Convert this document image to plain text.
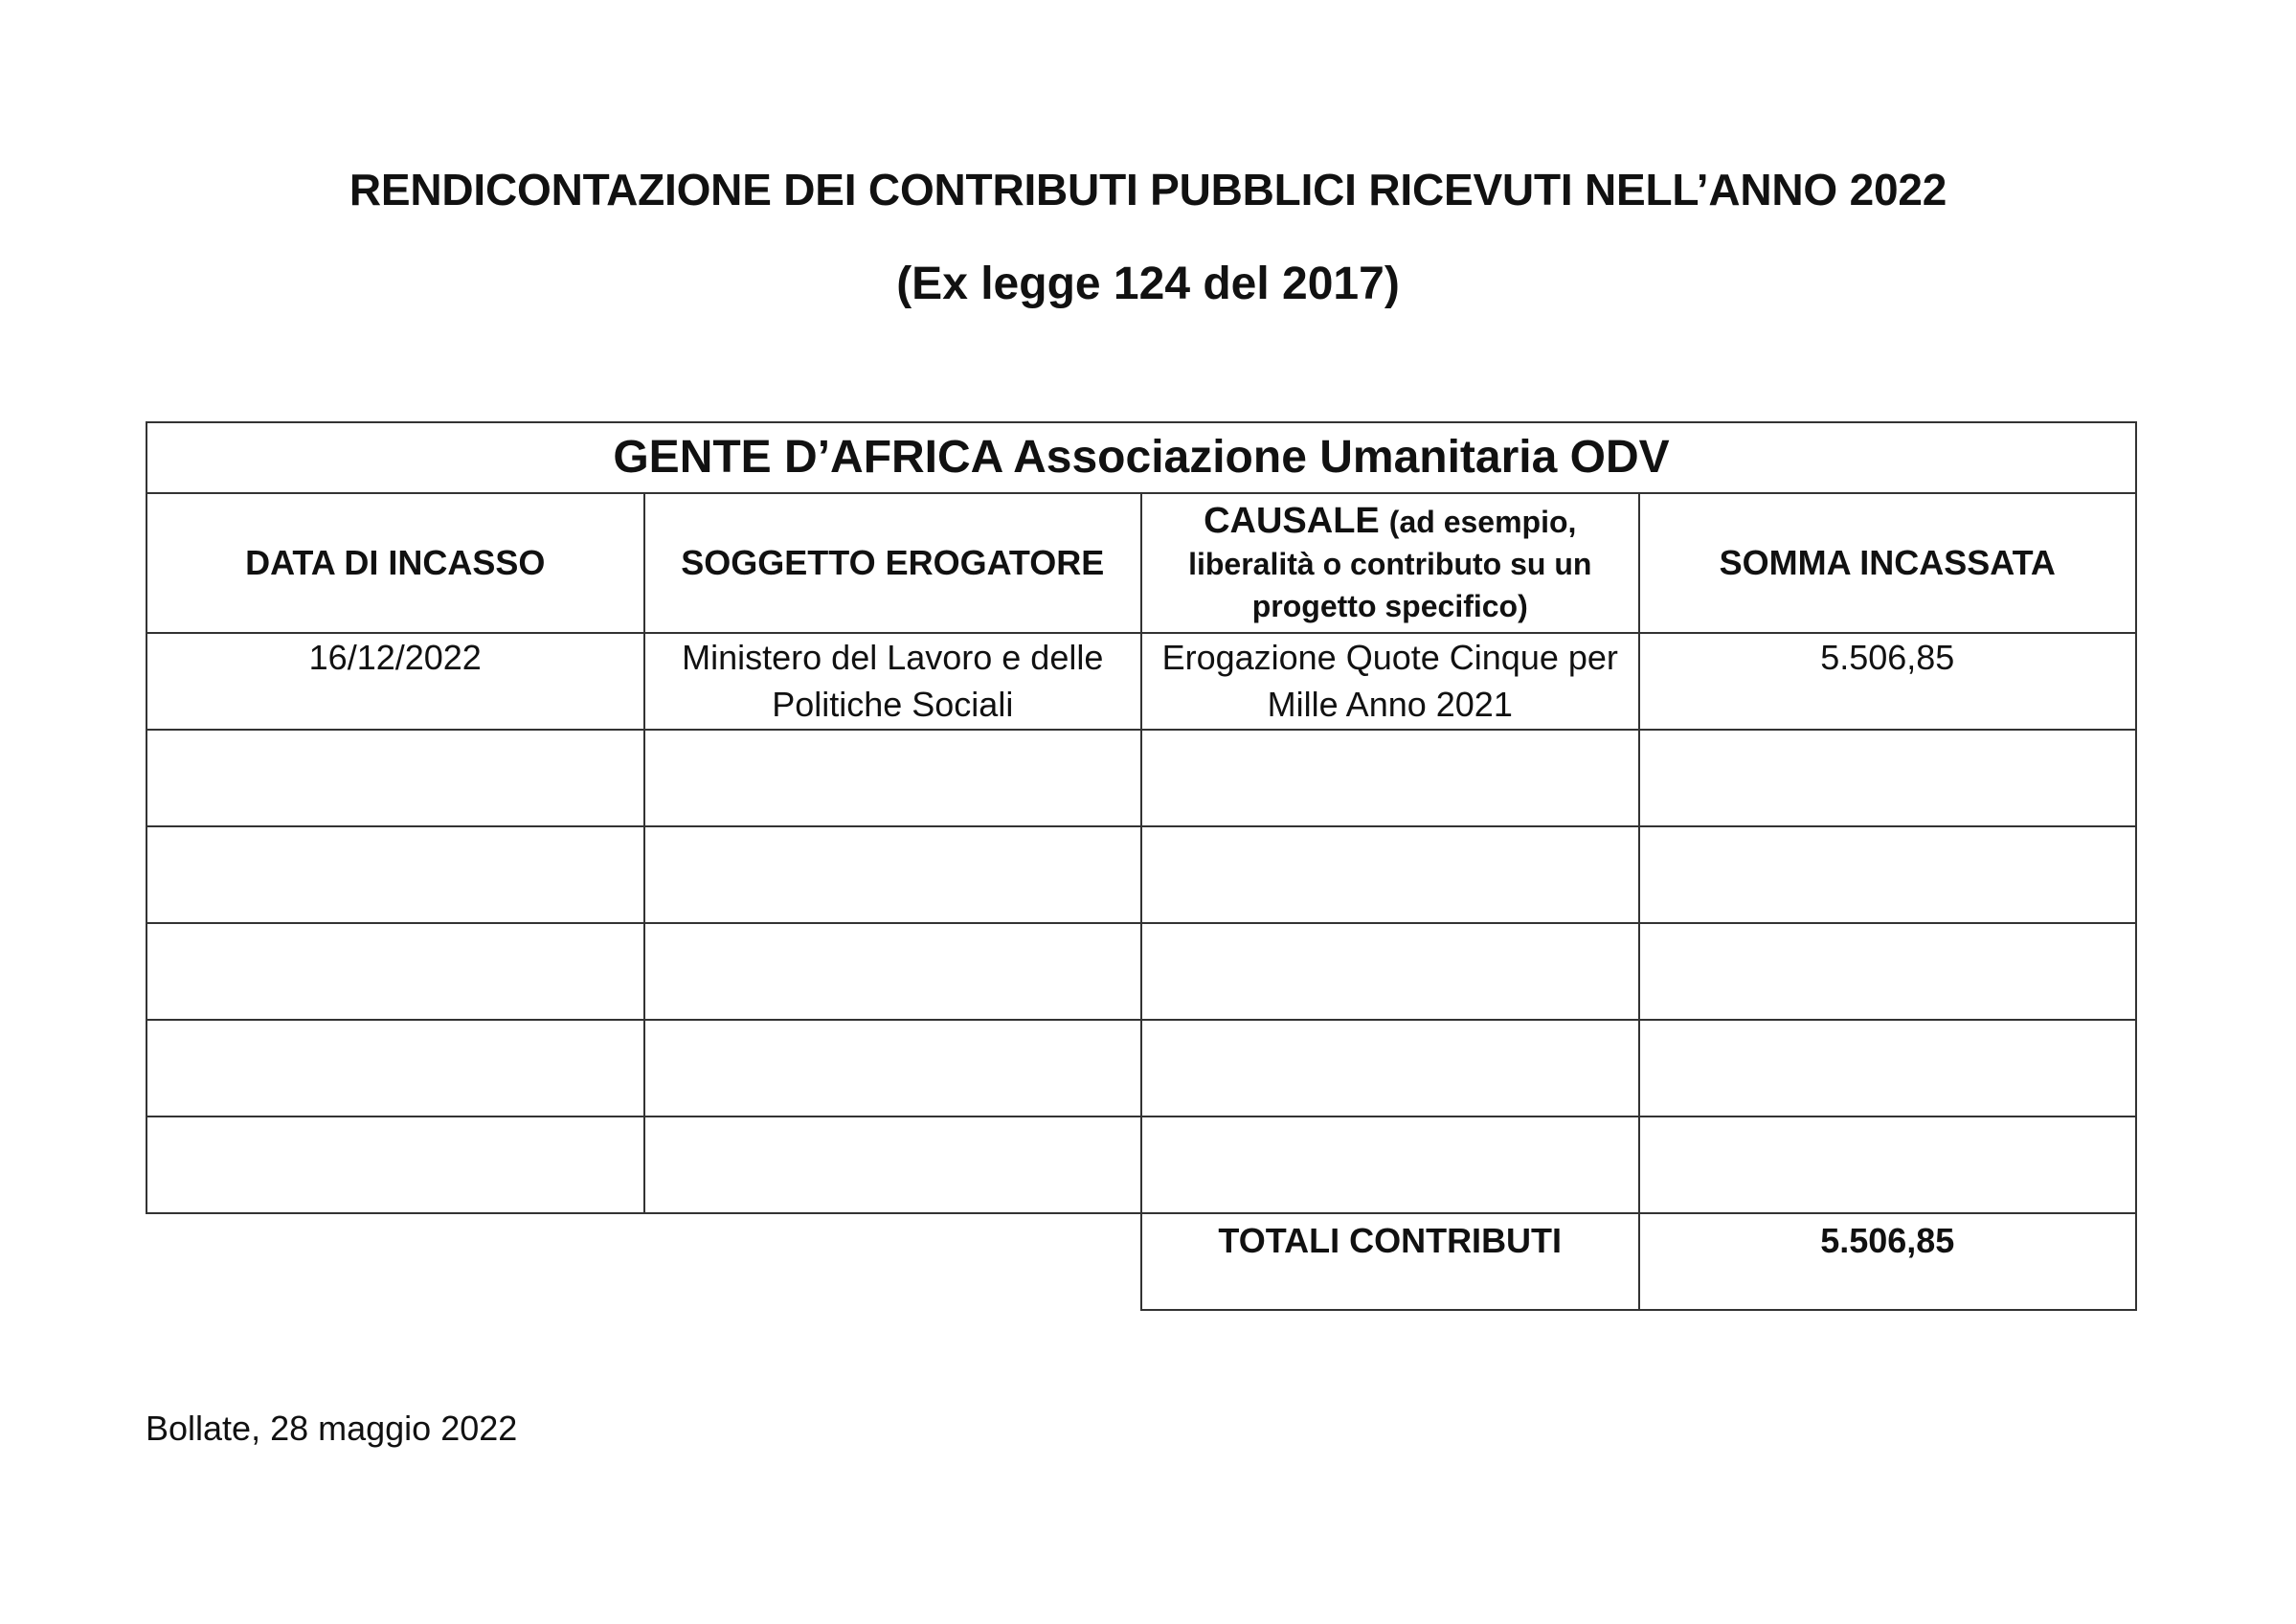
RENDICONTAZIONE DEI CONTRIBUTI PUBBLICI RICEVUTI NELL’ANNO 2022
(Ex legge 124 del 2017)
GENTE D’AFRICA Associazione Umanitaria ODV			
DATA DI INCASSO	SOGGETTO EROGATORE	CAUSALE (ad esempio, liberalità o contributo su un progetto specifico)	SOMMA INCASSATA
16/12/2022	Ministero del Lavoro e delle Politiche Sociali	Erogazione Quote Cinque per Mille Anno 2021	5.506,85

		TOTALI CONTRIBUTI	5.506,85
Bollate, 28 maggio 2022
